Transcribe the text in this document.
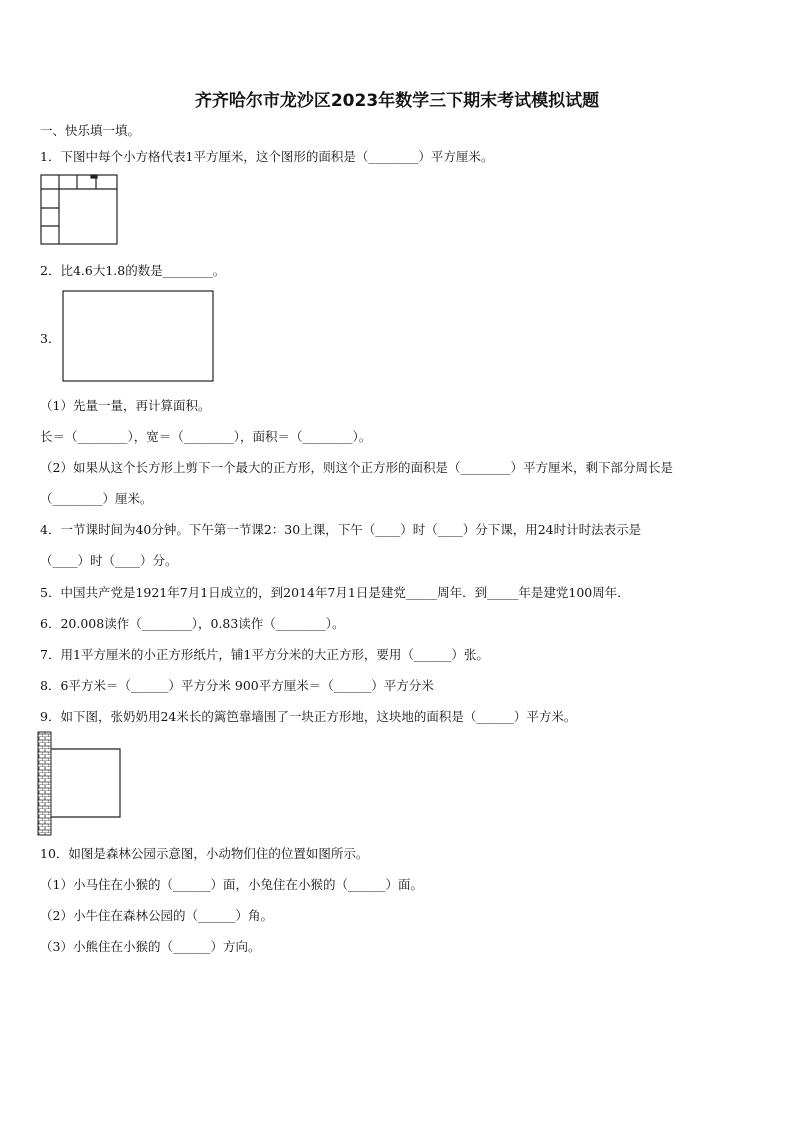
齐齐哈尔市龙沙区2023年数学三下期末考试模拟试题
一、快乐填一填。
1．下图中每个小方格代表1平方厘米，这个图形的面积是（________）平方厘米。
2．比4.6大1.8的数是________。
3．
（1）先量一量，再计算面积。
长＝（________），宽＝（________），面积＝（________）。
（2）如果从这个长方形上剪下一个最大的正方形，则这个正方形的面积是（________）平方厘米，剩下部分周长是
（________）厘米。
4．一节课时间为40分钟。下午第一节课2：30上课，下午（____）时（____）分下课，用24时计时法表示是
（____）时（____）分。
5．中国共产党是1921年7月1日成立的，到2014年7月1日是建党_____周年．到_____年是建党100周年．
6．20.008读作（________），0.83读作（________）。
7．用1平方厘米的小正方形纸片，铺1平方分米的大正方形，要用（______）张。
8．6平方米＝（______）平方分米 900平方厘米＝（______）平方分米
9．如下图，张奶奶用24米长的篱笆靠墙围了一块正方形地，这块地的面积是（______）平方米。
10．如图是森林公园示意图，小动物们住的位置如图所示。
（1）小马住在小猴的（______）面，小兔住在小猴的（______）面。
（2）小牛住在森林公园的（______）角。
（3）小熊住在小猴的（______）方向。
